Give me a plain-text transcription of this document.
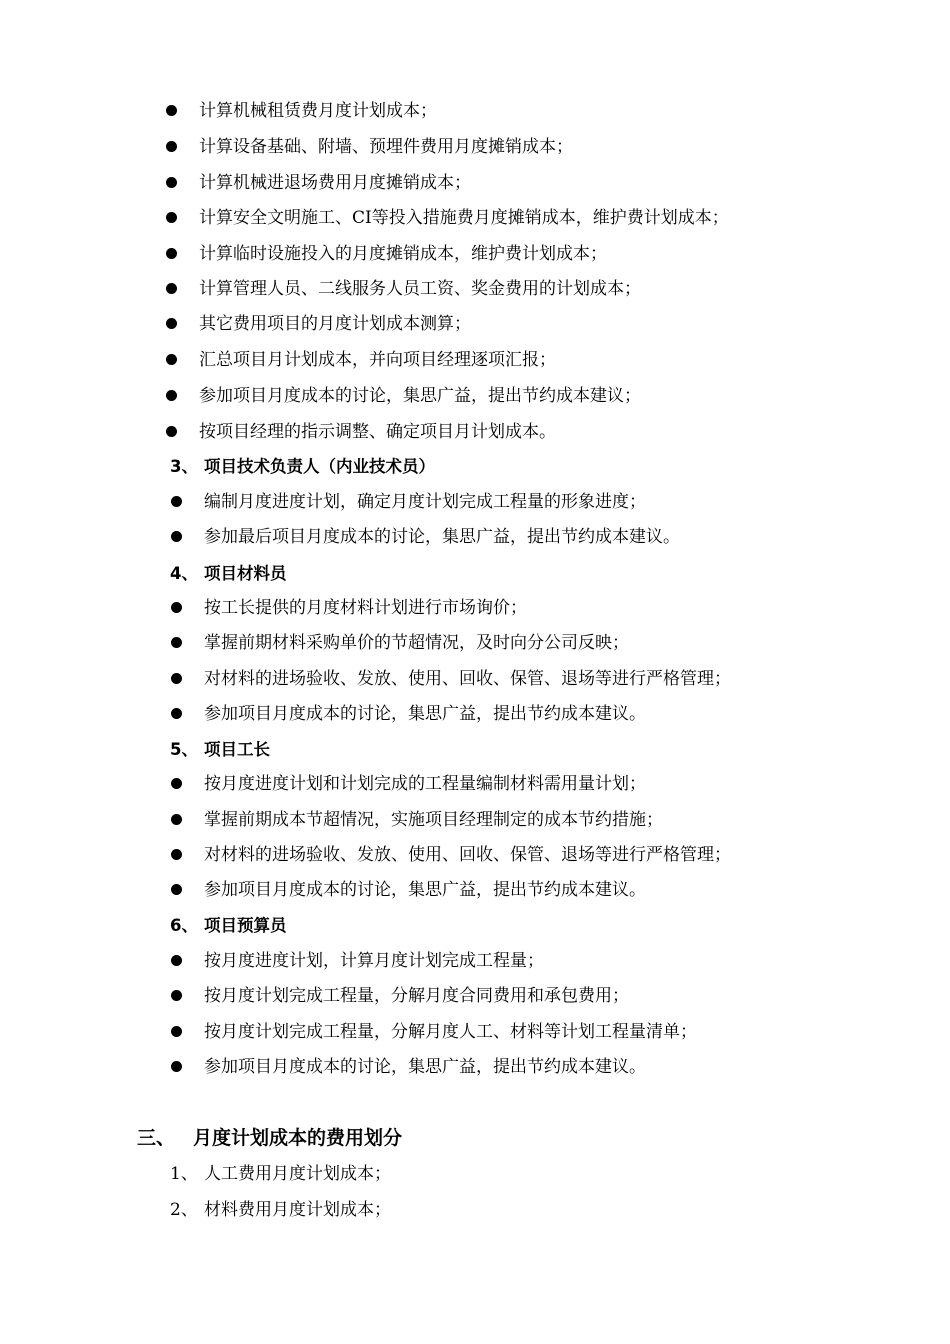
计算机械租赁费月度计划成本；
计算设备基础、附墙、预埋件费用月度摊销成本；
计算机械进退场费用月度摊销成本；
计算安全文明施工、CI等投入措施费月度摊销成本，维护费计划成本；
计算临时设施投入的月度摊销成本，维护费计划成本；
计算管理人员、二线服务人员工资、奖金费用的计划成本；
其它费用项目的月度计划成本测算；
汇总项目月计划成本，并向项目经理逐项汇报；
参加项目月度成本的讨论，集思广益，提出节约成本建议；
按项目经理的指示调整、确定项目月计划成本。
3、 项目技术负责人（内业技术员）
编制月度进度计划，确定月度计划完成工程量的形象进度；
参加最后项目月度成本的讨论，集思广益，提出节约成本建议。
4、 项目材料员
按工长提供的月度材料计划进行市场询价；
掌握前期材料采购单价的节超情况，及时向分公司反映；
对材料的进场验收、发放、使用、回收、保管、退场等进行严格管理；
参加项目月度成本的讨论，集思广益，提出节约成本建议。
5、 项目工长
按月度进度计划和计划完成的工程量编制材料需用量计划；
掌握前期成本节超情况，实施项目经理制定的成本节约措施；
对材料的进场验收、发放、使用、回收、保管、退场等进行严格管理；
参加项目月度成本的讨论，集思广益，提出节约成本建议。
6、 项目预算员
按月度进度计划，计算月度计划完成工程量；
按月度计划完成工程量，分解月度合同费用和承包费用；
按月度计划完成工程量，分解月度人工、材料等计划工程量清单；
参加项目月度成本的讨论，集思广益，提出节约成本建议。
三、 月度计划成本的费用划分
1、 人工费用月度计划成本；
2、 材料费用月度计划成本；
